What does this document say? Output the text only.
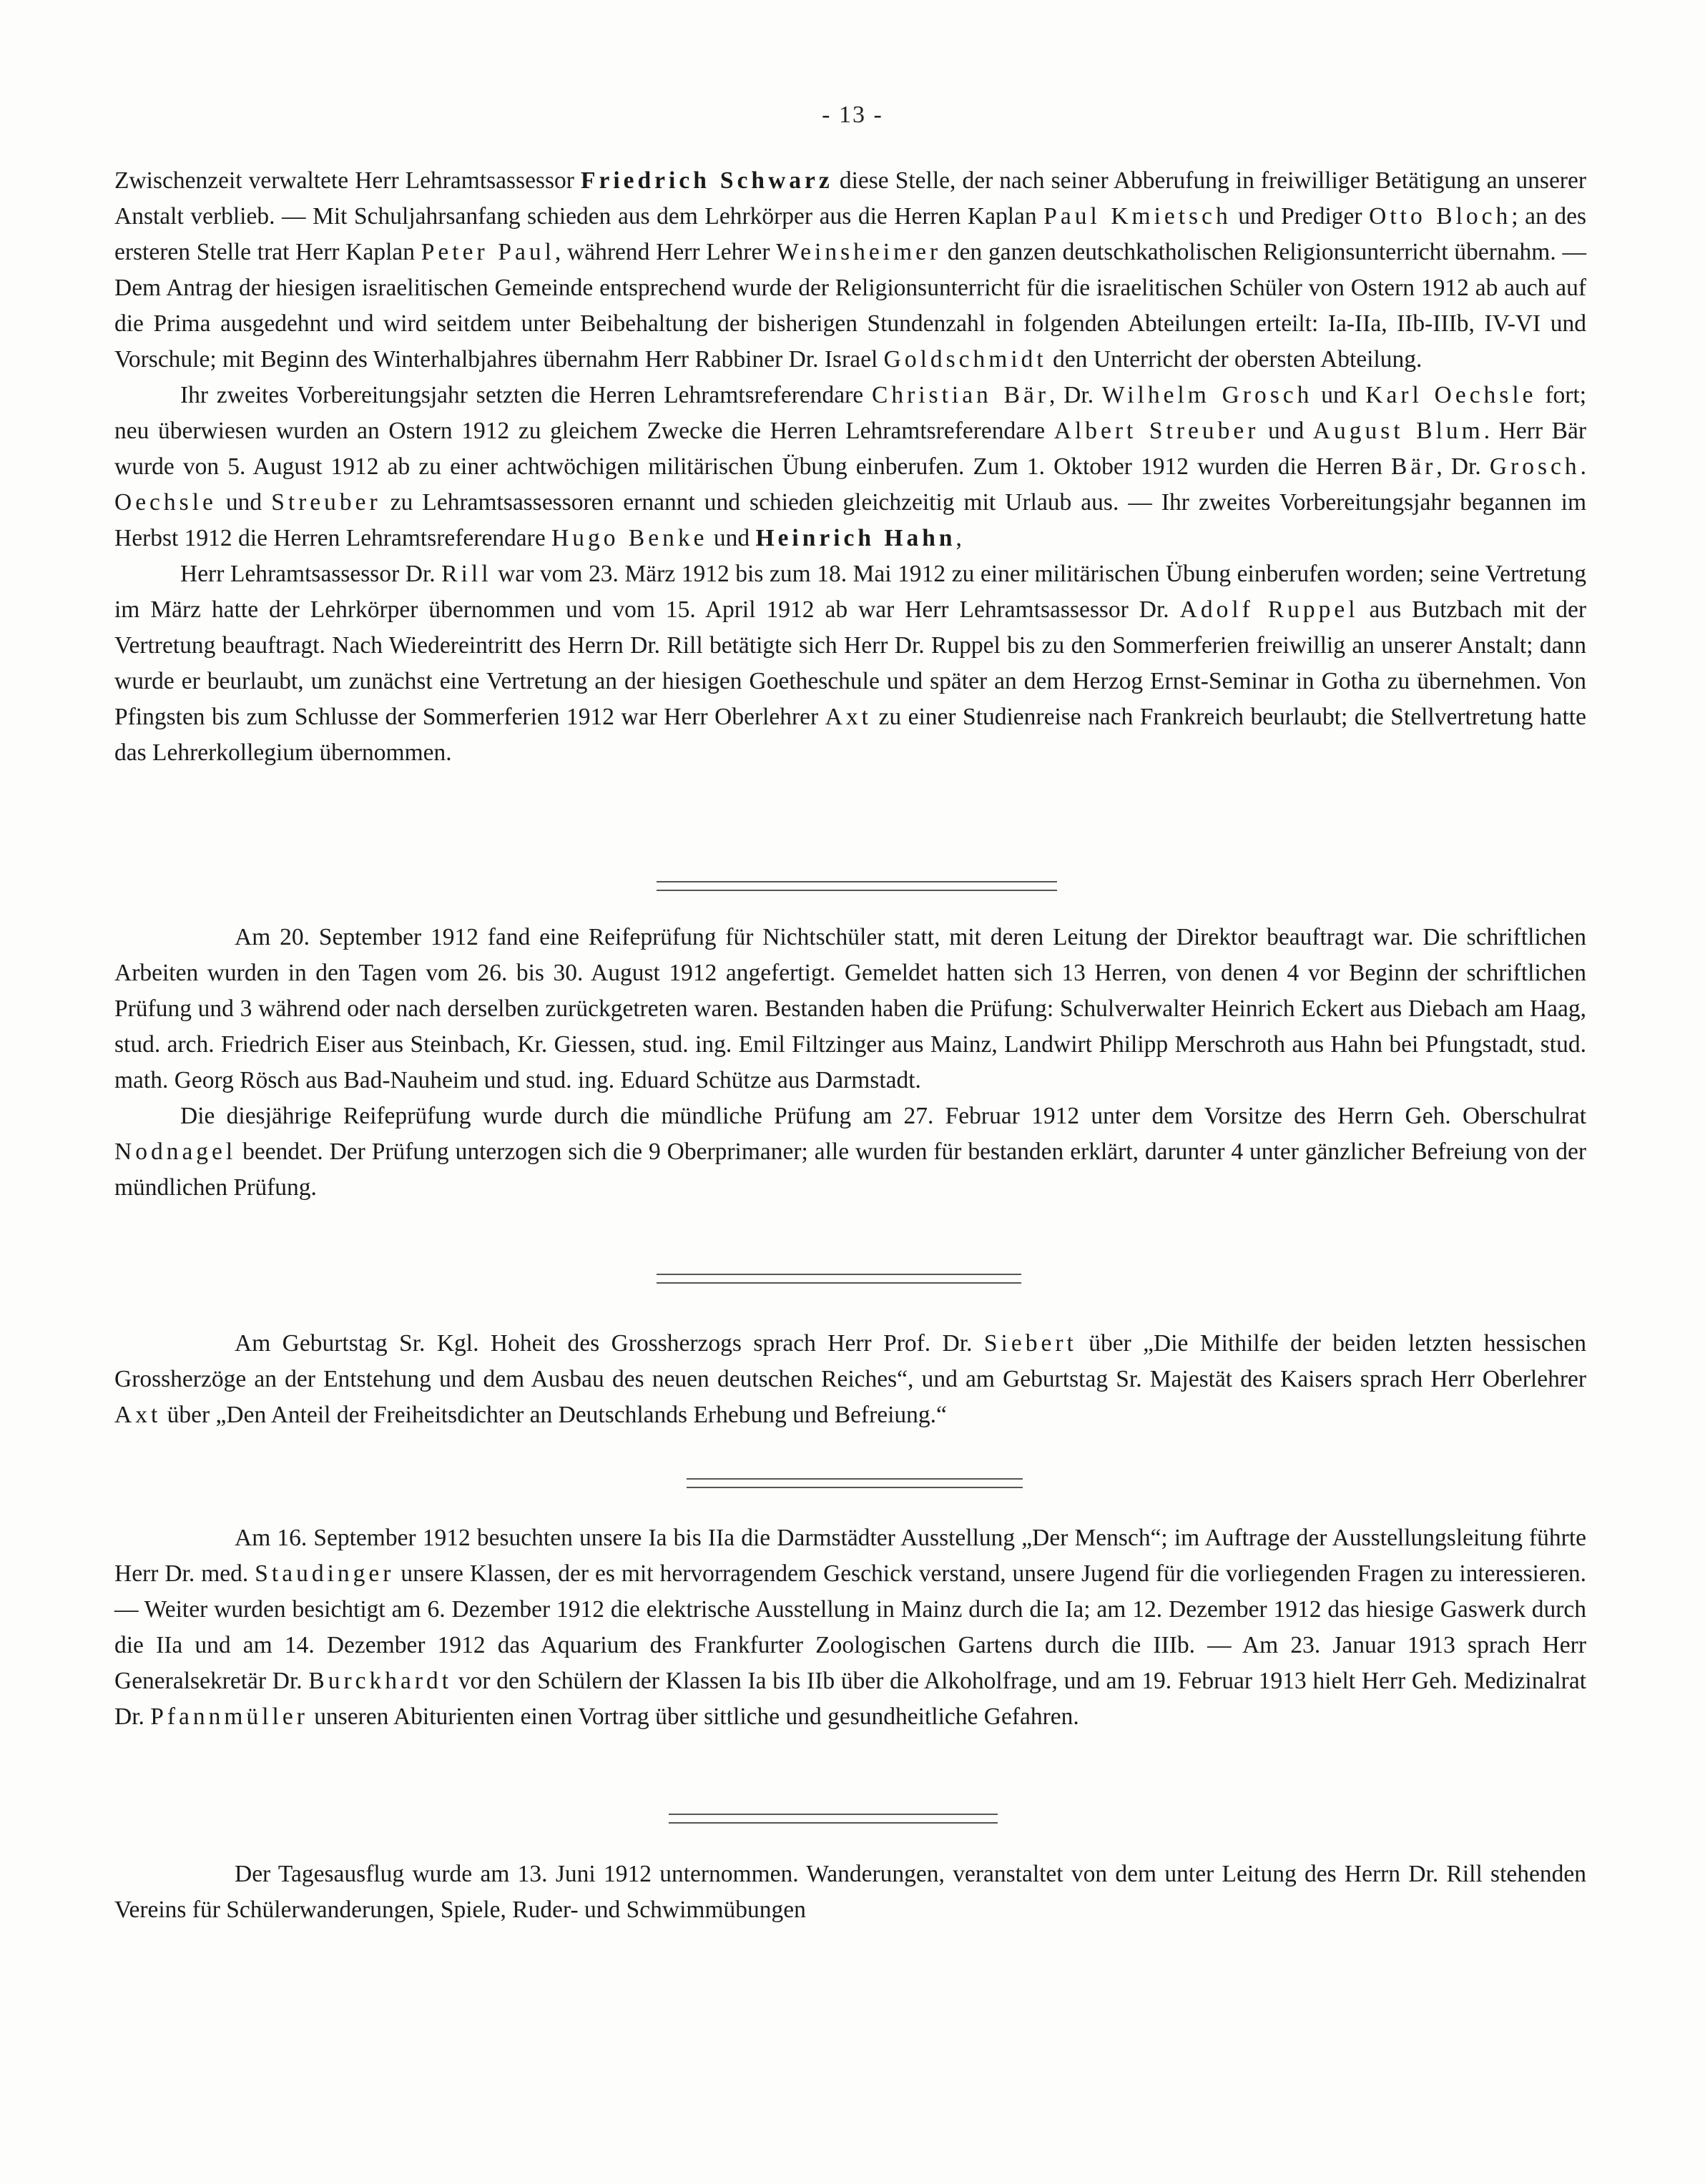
- 13 -

Zwischenzeit verwaltete Herr Lehramtsassessor Friedrich Schwarz diese Stelle, der nach seiner Abberufung in freiwilliger Betätigung an unserer Anstalt verblieb. — Mit Schuljahrsanfang schieden aus dem Lehrkörper aus die Herren Kaplan Paul Kmietsch und Prediger Otto Bloch; an des ersteren Stelle trat Herr Kaplan Peter Paul, während Herr Lehrer Weinsheimer den ganzen deutschkatholischen Religionsunterricht übernahm. — Dem Antrag der hiesigen israelitischen Gemeinde entsprechend wurde der Religionsunterricht für die israelitischen Schüler von Ostern 1912 ab auch auf die Prima ausgedehnt und wird seitdem unter Beibehaltung der bisherigen Stundenzahl in folgenden Abteilungen erteilt: Ia-IIa, IIb-IIIb, IV-VI und Vorschule; mit Beginn des Winterhalbjahres übernahm Herr Rabbiner Dr. Israel Goldschmidt den Unterricht der obersten Abteilung.

Ihr zweites Vorbereitungsjahr setzten die Herren Lehramtsreferendare Christian Bär, Dr. Wilhelm Grosch und Karl Oechsle fort; neu überwiesen wurden an Ostern 1912 zu gleichem Zwecke die Herren Lehramtsreferendare Albert Streuber und August Blum. Herr Bär wurde von 5. August 1912 ab zu einer achtwöchigen militärischen Übung einberufen. Zum 1. Oktober 1912 wurden die Herren Bär, Dr. Grosch. Oechsle und Streuber zu Lehramtsassessoren ernannt und schieden gleichzeitig mit Urlaub aus. — Ihr zweites Vorbereitungsjahr begannen im Herbst 1912 die Herren Lehramtsreferendare Hugo Benke und Heinrich Hahn,

Herr Lehramtsassessor Dr. Rill war vom 23. März 1912 bis zum 18. Mai 1912 zu einer militärischen Übung einberufen worden; seine Vertretung im März hatte der Lehrkörper übernommen und vom 15. April 1912 ab war Herr Lehramtsassessor Dr. Adolf Ruppel aus Butzbach mit der Vertretung beauftragt. Nach Wiedereintritt des Herrn Dr. Rill betätigte sich Herr Dr. Ruppel bis zu den Sommerferien freiwillig an unserer Anstalt; dann wurde er beurlaubt, um zunächst eine Vertretung an der hiesigen Goetheschule und später an dem Herzog Ernst-Seminar in Gotha zu übernehmen. Von Pfingsten bis zum Schlusse der Sommerferien 1912 war Herr Oberlehrer Axt zu einer Studienreise nach Frankreich beurlaubt; die Stellvertretung hatte das Lehrerkollegium übernommen.

Am 20. September 1912 fand eine Reifeprüfung für Nichtschüler statt, mit deren Leitung der Direktor beauftragt war. Die schriftlichen Arbeiten wurden in den Tagen vom 26. bis 30. August 1912 angefertigt. Gemeldet hatten sich 13 Herren, von denen 4 vor Beginn der schriftlichen Prüfung und 3 während oder nach derselben zurückgetreten waren. Bestanden haben die Prüfung: Schulverwalter Heinrich Eckert aus Diebach am Haag, stud. arch. Friedrich Eiser aus Steinbach, Kr. Giessen, stud. ing. Emil Filtzinger aus Mainz, Landwirt Philipp Merschroth aus Hahn bei Pfungstadt, stud. math. Georg Rösch aus Bad-Nauheim und stud. ing. Eduard Schütze aus Darmstadt.

Die diesjährige Reifeprüfung wurde durch die mündliche Prüfung am 27. Februar 1912 unter dem Vorsitze des Herrn Geh. Oberschulrat Nodnagel beendet. Der Prüfung unterzogen sich die 9 Oberprimaner; alle wurden für bestanden erklärt, darunter 4 unter gänzlicher Befreiung von der mündlichen Prüfung.

Am Geburtstag Sr. Kgl. Hoheit des Grossherzogs sprach Herr Prof. Dr. Siebert über „Die Mithilfe der beiden letzten hessischen Grossherzöge an der Entstehung und dem Ausbau des neuen deutschen Reiches“, und am Geburtstag Sr. Majestät des Kaisers sprach Herr Oberlehrer Axt über „Den Anteil der Freiheitsdichter an Deutschlands Erhebung und Befreiung.“

Am 16. September 1912 besuchten unsere Ia bis IIa die Darmstädter Ausstellung „Der Mensch“; im Auftrage der Ausstellungsleitung führte Herr Dr. med. Staudinger unsere Klassen, der es mit hervorragendem Geschick verstand, unsere Jugend für die vorliegenden Fragen zu interessieren. — Weiter wurden besichtigt am 6. Dezember 1912 die elektrische Ausstellung in Mainz durch die Ia; am 12. Dezember 1912 das hiesige Gaswerk durch die IIa und am 14. Dezember 1912 das Aquarium des Frankfurter Zoologischen Gartens durch die IIIb. — Am 23. Januar 1913 sprach Herr Generalsekretär Dr. Burckhardt vor den Schülern der Klassen Ia bis IIb über die Alkoholfrage, und am 19. Februar 1913 hielt Herr Geh. Medizinalrat Dr. Pfannmüller unseren Abiturienten einen Vortrag über sittliche und gesundheitliche Gefahren.

Der Tagesausflug wurde am 13. Juni 1912 unternommen. Wanderungen, veranstaltet von dem unter Leitung des Herrn Dr. Rill stehenden Vereins für Schülerwanderungen, Spiele, Ruder- und Schwimmübungen
